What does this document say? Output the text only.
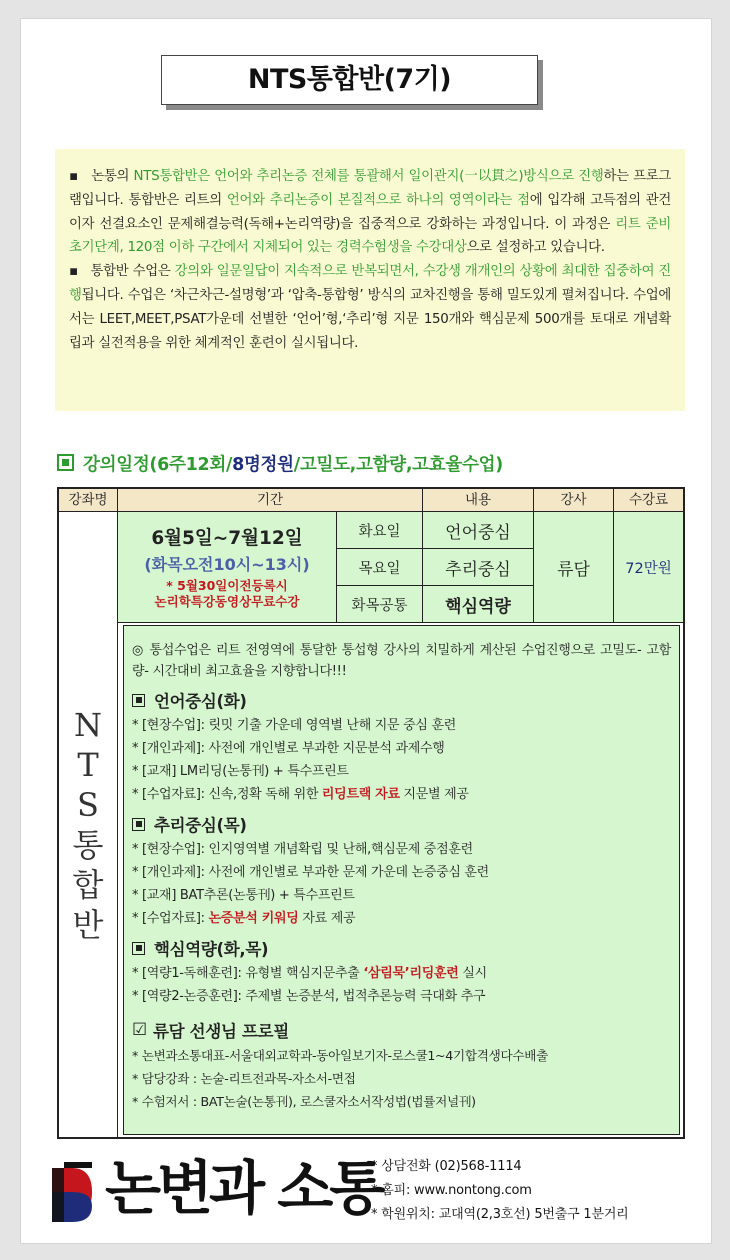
NTS통합반(7기)

▪ 논통의 NTS통합반은 언어와 추리논증 전체를 통괄해서 일이관지(一以貫之)방식으로 진행하는 프로그램입니다. 통합반은 리트의 언어와 추리논증이 본질적으로 하나의 영역이라는 점에 입각해 고득점의 관건이자 선결요소인 문제해결능력(독해+논리역량)을 집중적으로 강화하는 과정입니다. 이 과정은 리트 준비 초기단계, 120점 이하 구간에서 지체되어 있는 경력수험생을 수강대상으로 설정하고 있습니다.

▪ 통합반 수업은 강의와 일문일답이 지속적으로 반복되면서, 수강생 개개인의 상황에 최대한 집중하여 진행됩니다. 수업은 ‘차근차근-설명형’과 ‘압축-통합형’ 방식의 교차진행을 통해 밀도있게 펼쳐집니다. 수업에서는 LEET,MEET,PSAT가운데 선별한 ‘언어’형,‘추리’형 지문 150개와 핵심문제 500개를 토대로 개념확립과 실전적용을 위한 체계적인 훈련이 실시됩니다.

강의일정(6주12회/8명정원/고밀도,고함량,고효율수업)
강좌명	기간	내용	강사	수강료
NTS통합반
6월5일~7월12일
(화목오전10시~13시)
* 5월30일이전등록시
논리학특강동영상무료수강
화요일	언어중심
목요일	추리중심
화목공통	핵심역량
류담	72만원
◎ 통섭수업은 리트 전영역에 통달한 통섭형 강사의 치밀하게 계산된 수업진행으로 고밀도- 고함량- 시간대비 최고효율을 지향합니다!!!
언어중심(화)
* [현장수업]: 릿밋 기출 가운데 영역별 난해 지문 중심 훈련
* [개인과제]: 사전에 개인별로 부과한 지문분석 과제수행
* [교재] LM리딩(논통刊) + 특수프린트
* [수업자료]: 신속,정확 독해 위한 리딩트랙 자료 지문별 제공
추리중심(목)
* [현장수업]: 인지영역별 개념확립 및 난해,핵심문제 중점훈련
* [개인과제]: 사전에 개인별로 부과한 문제 가운데 논증중심 훈련
* [교재] BAT추론(논통刊) + 특수프린트
* [수업자료]: 논증분석 키워딩 자료 제공
핵심역량(화,목)
* [역량1-독해훈련]: 유형별 핵심지문추출 ‘삼림묵’리딩훈련 실시
* [역량2-논증훈련]: 주제별 논증분석, 법적추론능력 극대화 추구
☑ 류담 선생님 프로필
* 논변과소통대표-서울대외교학과-동아일보기자-로스쿨1~4기합격생다수배출
* 담당강좌 : 논술-리트전과목-자소서-면접
* 수험저서 : BAT논술(논통刊), 로스쿨자소서작성법(법률저널刊)
논변과 소통
* 상담전화 (02)568-1114
* 홈피: www.nontong.com
* 학원위치: 교대역(2,3호선) 5번출구 1분거리
